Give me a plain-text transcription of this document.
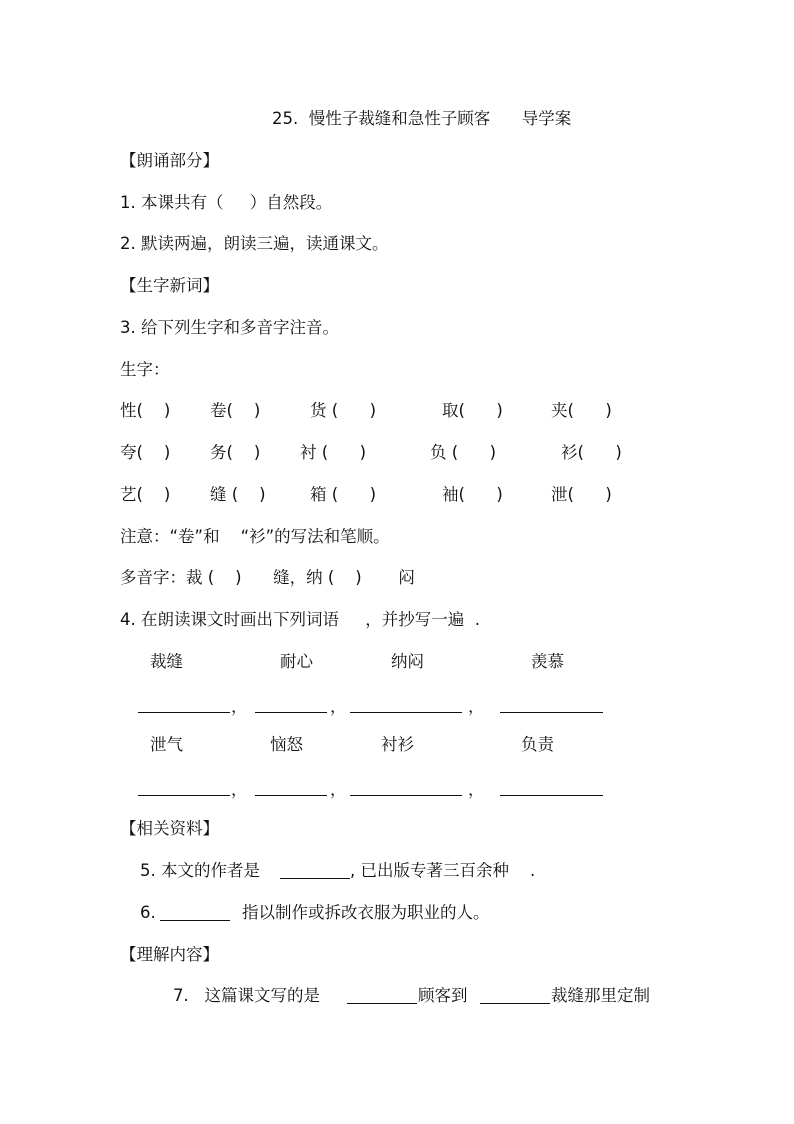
25.  慢性子裁缝和急性子顾客      导学案
【朗诵部分】
1. 本课共有（     ）自然段。
2. 默读两遍，朗读三遍，读通课文。
【生字新词】
3. 给下列生字和多音字注音。
生字：
性(    ) 卷(    )	货 (      )	取(      )	夹(      )
夸(    ) 务(    ) 衬 (      )	负 (      )	衫(      )
艺(    ) 缝 (    )	箱 (      )	袖(      )	泄(      )
注意：“卷”和    “衫”的写法和笔顺。
多音字：裁 (    )      缝，纳 (    )       闷
4. 在朗读课文时画出下列词语     ，并抄写一遍  .
裁缝	耐心	纳闷	羡慕
，	，	，
泄气	恼怒	衬衫	负责
，	，	，
【相关资料】
5. 本文的作者是	, 已出版专著三百余种    .
6.	指以制作或拆改衣服为职业的人。
【理解内容】
7.   这篇课文写的是	顾客到	裁缝那里定制
